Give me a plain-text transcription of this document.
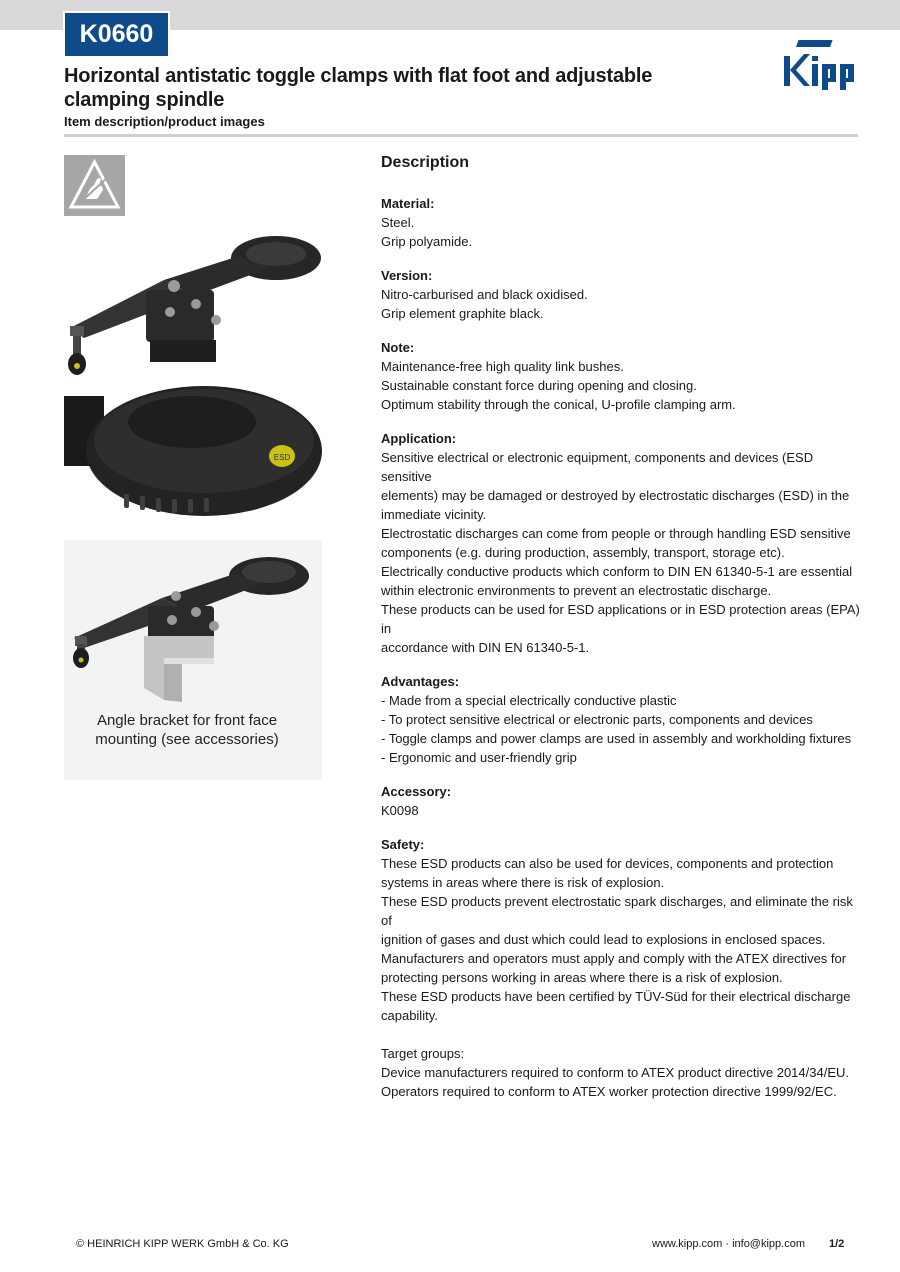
K0660
Horizontal antistatic toggle clamps with flat foot and adjustable clamping spindle
Item description/product images
ESD
Angle bracket for front face
mounting (see accessories)
Description
Material:
Steel.
Grip polyamide.
Version:
Nitro-carburised and black oxidised.
Grip element graphite black.
Note:
Maintenance-free high quality link bushes.
Sustainable constant force during opening and closing.
Optimum stability through the conical, U-profile clamping arm.
Application:
Sensitive electrical or electronic equipment, components and devices (ESD sensitive
elements) may be damaged or destroyed by electrostatic discharges (ESD) in the
immediate vicinity.
Electrostatic discharges can come from people or through handling ESD sensitive
components (e.g. during production, assembly, transport, storage etc).
Electrically conductive products which conform to DIN EN 61340-5-1 are essential
within electronic environments to prevent an electrostatic discharge.
These products can be used for ESD applications or in ESD protection areas (EPA) in
accordance with DIN EN 61340-5-1.
Advantages:
- Made from a special electrically conductive plastic
- To protect sensitive electrical or electronic parts, components and devices
- Toggle clamps and power clamps are used in assembly and workholding fixtures
- Ergonomic and user-friendly grip
Accessory:
K0098
Safety:
These ESD products can also be used for devices, components and protection
systems in areas where there is risk of explosion.
These ESD products prevent electrostatic spark discharges, and eliminate the risk of
ignition of gases and dust which could lead to explosions in enclosed spaces.
Manufacturers and operators must apply and comply with the ATEX directives for
protecting persons working in areas where there is a risk of explosion.
These ESD products have been certified by TÜV-Süd for their electrical discharge
capability.
Target groups:
Device manufacturers required to conform to ATEX product directive 2014/34/EU.
Operators required to conform to ATEX worker protection directive 1999/92/EC.
© HEINRICH KIPP WERK GmbH & Co. KG	www.kipp.com · info@kipp.com 1/2
